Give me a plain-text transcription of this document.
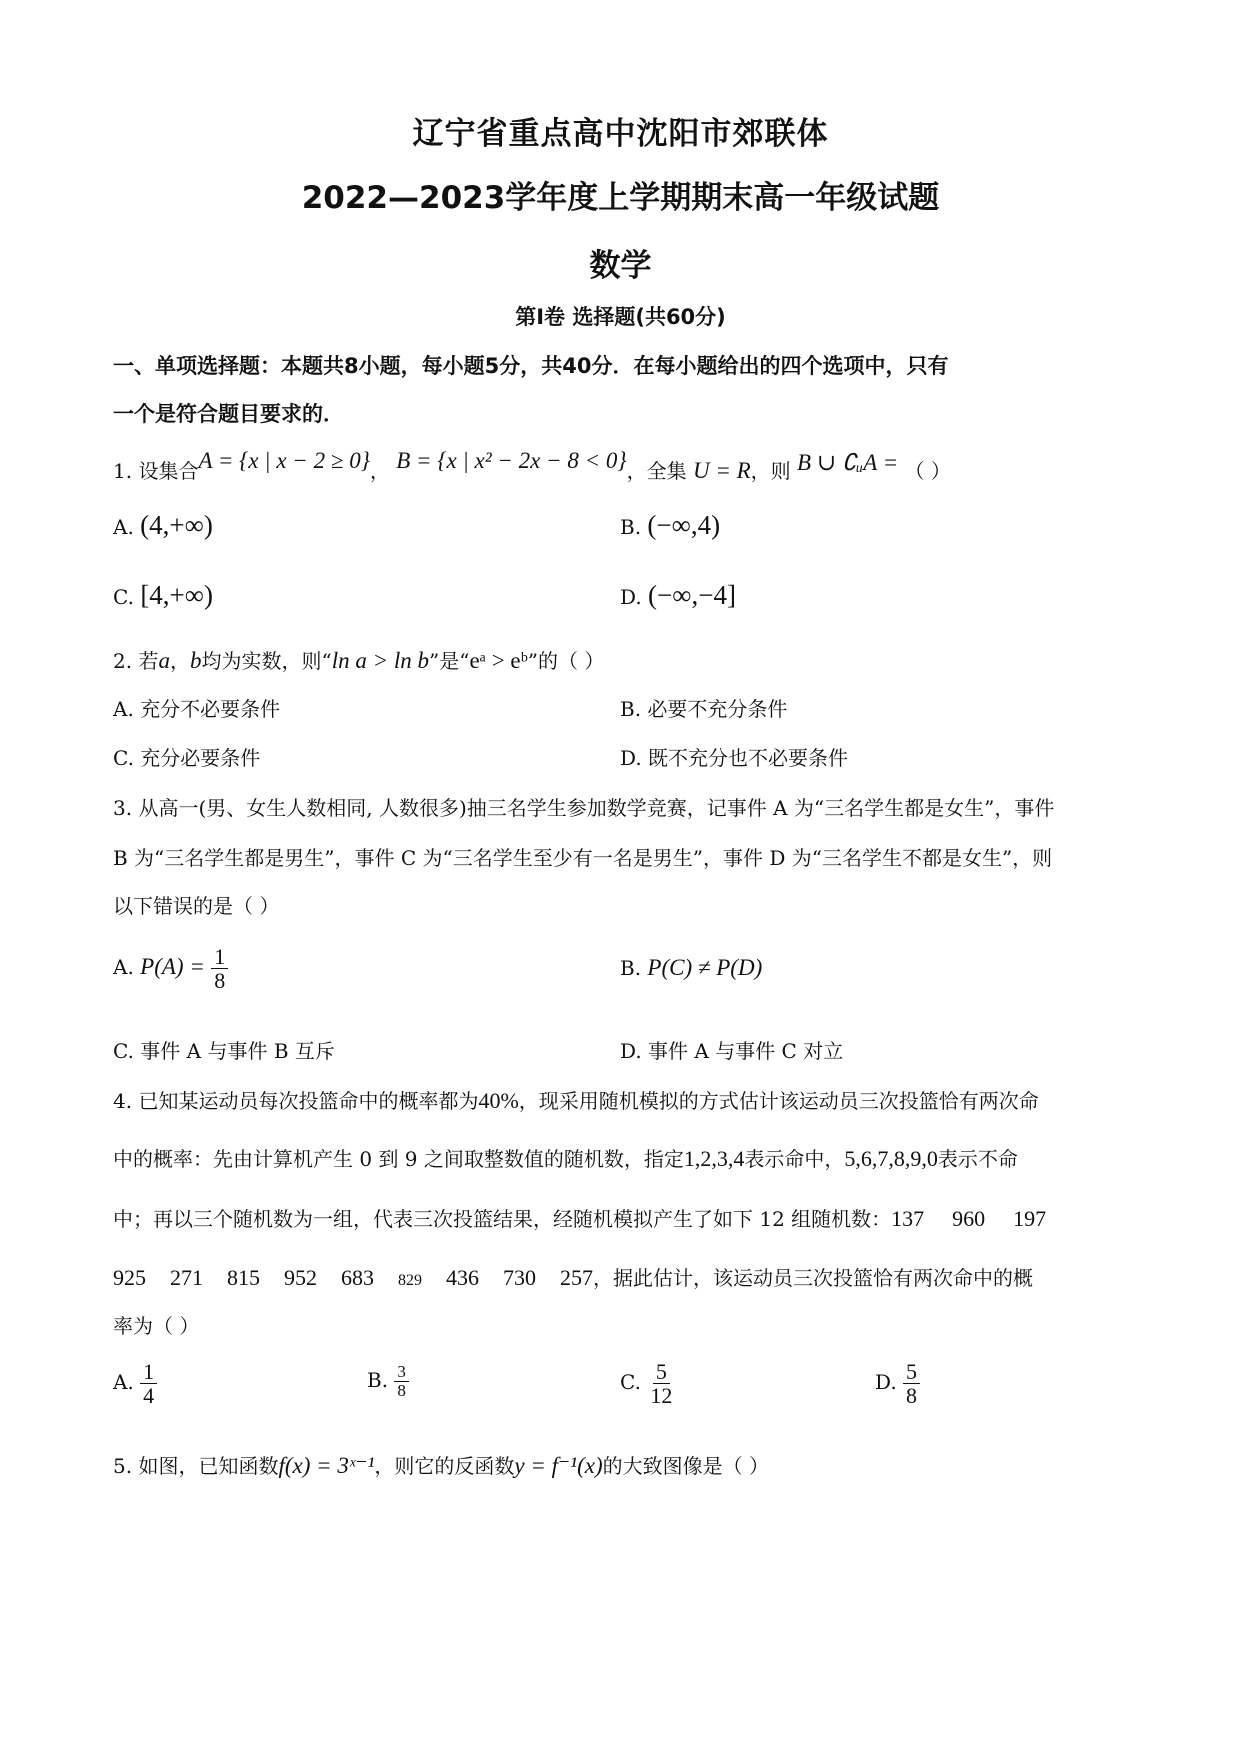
辽宁省重点高中沈阳市郊联体
2022—2023学年度上学期期末高一年级试题
数学
第Ⅰ卷 选择题(共60分)
一、单项选择题：本题共8小题，每小题5分，共40分．在每小题给出的四个选项中，只有
一个是符合题目要求的．
1. 设集合A = {x | x − 2 ≥ 0}， B = {x | x² − 2x − 8 < 0}，全集 U = R，则 B ∪ ∁ᵤA = （ ）
A. (4,+∞)	B. (−∞,4)
C. [4,+∞)	D. (−∞,−4]
2. 若a，b均为实数，则“ln a > ln b”是“eᵃ > eᵇ”的（ ）
A. 充分不必要条件	B. 必要不充分条件
C. 充分必要条件	D. 既不充分也不必要条件
3. 从高一(男、女生人数相同, 人数很多)抽三名学生参加数学竞赛，记事件 A 为“三名学生都是女生”，事件
B 为“三名学生都是男生”，事件 C 为“三名学生至少有一名是男生”，事件 D 为“三名学生不都是女生”，则
以下错误的是（ ）
A. $P(A) = \frac{1}{8}$	B. P(C) ≠ P(D)
C. 事件 A 与事件 B 互斥	D. 事件 A 与事件 C 对立
4. 已知某运动员每次投篮命中的概率都为40%，现采用随机模拟的方式估计该运动员三次投篮恰有两次命
中的概率：先由计算机产生 0 到 9 之间取整数值的随机数，指定1,2,3,4表示命中，5,6,7,8,9,0表示不命
中；再以三个随机数为一组，代表三次投篮结果，经随机模拟产生了如下 12 组随机数：137 960 197
925 271 815 952 683 829 436 730 257，据此估计，该运动员三次投篮恰有两次命中的概
率为（ ）
A. $\frac{1}{4}$	B. $\frac{3}{8}$	C. $\frac{5}{12}$	D. $\frac{5}{8}$
5. 如图，已知函数f(x) = 3ˣ⁻¹，则它的反函数y = f⁻¹(x)的大致图像是（ ）
